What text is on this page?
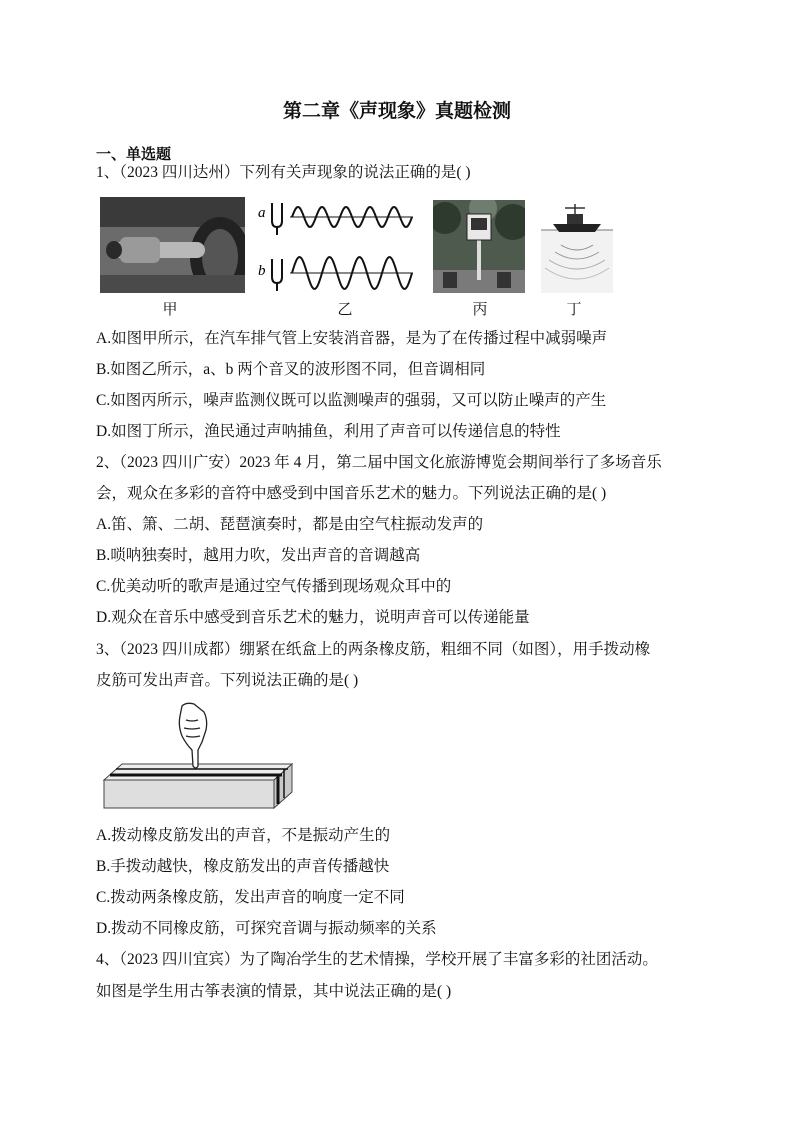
第二章《声现象》真题检测
一、单选题
1、（2023 四川达州）下列有关声现象的说法正确的是( )
a
b
甲	乙	丙	丁
A.如图甲所示，在汽车排气管上安装消音器，是为了在传播过程中减弱噪声
B.如图乙所示，a、b 两个音叉的波形图不同，但音调相同
C.如图丙所示，噪声监测仪既可以监测噪声的强弱，又可以防止噪声的产生
D.如图丁所示，渔民通过声呐捕鱼，利用了声音可以传递信息的特性
2、（2023 四川广安）2023 年 4 月，第二届中国文化旅游博览会期间举行了多场音乐
会，观众在多彩的音符中感受到中国音乐艺术的魅力。下列说法正确的是( )
A.笛、箫、二胡、琵琶演奏时，都是由空气柱振动发声的
B.唢呐独奏时，越用力吹，发出声音的音调越高
C.优美动听的歌声是通过空气传播到现场观众耳中的
D.观众在音乐中感受到音乐艺术的魅力，说明声音可以传递能量
3、（2023 四川成都）绷紧在纸盒上的两条橡皮筋，粗细不同（如图），用手拨动橡
皮筋可发出声音。下列说法正确的是( )
A.拨动橡皮筋发出的声音，不是振动产生的
B.手拨动越快，橡皮筋发出的声音传播越快
C.拨动两条橡皮筋，发出声音的响度一定不同
D.拨动不同橡皮筋，可探究音调与振动频率的关系
4、（2023 四川宜宾）为了陶冶学生的艺术情操，学校开展了丰富多彩的社团活动。
如图是学生用古筝表演的情景，其中说法正确的是( )
